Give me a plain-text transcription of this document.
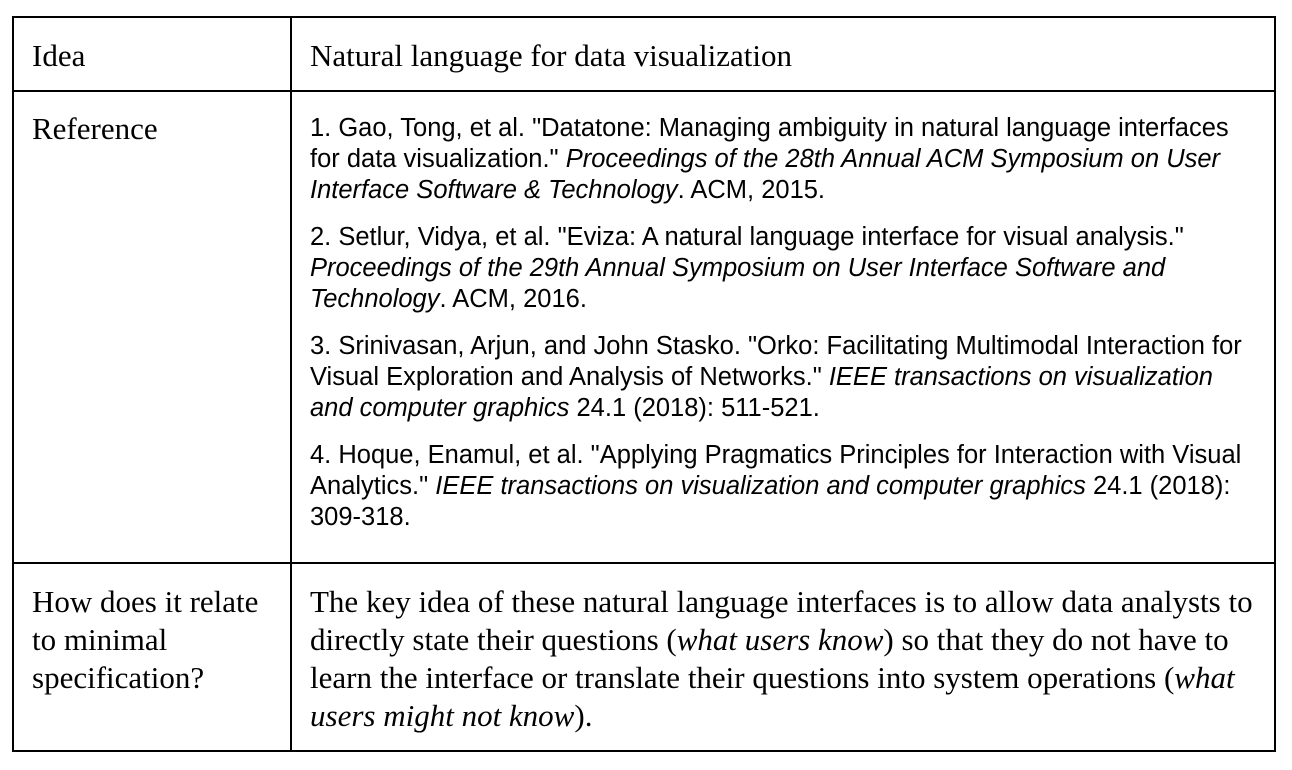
Idea	Natural language for data visualization
Reference	1. Gao, Tong, et al. "Datatone: Managing ambiguity in natural language interfaces for data visualization." Proceedings of the 28th Annual ACM Symposium on User Interface Software & Technology. ACM, 2015.

2. Setlur, Vidya, et al. "Eviza: A natural language interface for visual analysis." Proceedings of the 29th Annual Symposium on User Interface Software and Technology. ACM, 2016.

3. Srinivasan, Arjun, and John Stasko. "Orko: Facilitating Multimodal Interaction for Visual Exploration and Analysis of Networks." IEEE transactions on visualization and computer graphics 24.1 (2018): 511-521.

4. Hoque, Enamul, et al. "Applying Pragmatics Principles for Interaction with Visual Analytics." IEEE transactions on visualization and computer graphics 24.1 (2018): 309-318.

How does it relate to minimal specification?
The key idea of these natural language interfaces is to allow data analysts to directly state their questions (what users know) so that they do not have to learn the interface or translate their questions into system operations (what users might not know).
